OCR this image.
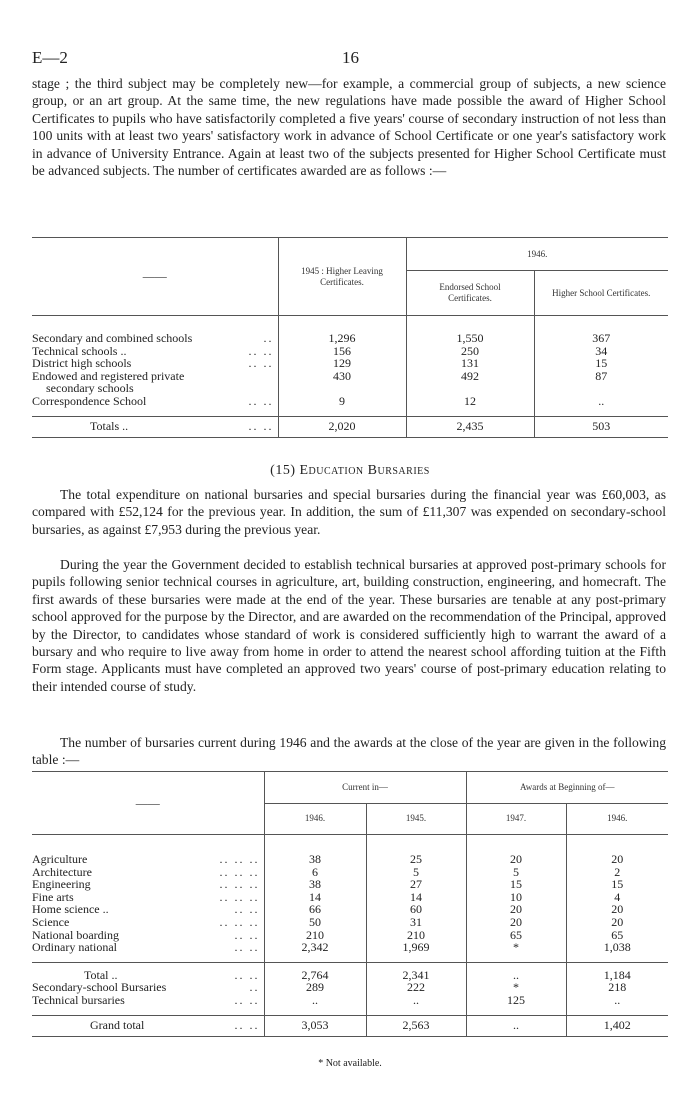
E—2	16

stage ; the third subject may be completely new—for example, a commercial group of subjects, a new science group, or an art group. At the same time, the new regulations have made possible the award of Higher School Certificates to pupils who have satisfactorily completed a five years' course of secondary instruction of not less than 100 units with at least two years' satisfactory work in advance of School Certificate or one year's satisfactory work in advance of University Entrance. Again at least two of the subjects presented for Higher School Certificate must be advanced subjects. The number of certificates awarded are as follows :—

——	1945 : Higher Leaving Certificates.	1946.	
		Endorsed School Certificates.	Higher School Certificates.

Secondary and combined schools ..	1,296	1,550	367
Technical schools .. .. ..	156	250	34
District high schools .. ..	129	131	15
Endowed and registered private	430	492	87
secondary schools			
Correspondence School .. ..	9	12	..

Totals .. .. ..	2,020	2,435	503
(15) Education Bursaries

The total expenditure on national bursaries and special bursaries during the financial year was £60,003, as compared with £52,124 for the previous year. In addition, the sum of £11,307 was expended on secondary-school bursaries, as against £7,953 during the previous year.

During the year the Government decided to establish technical bursaries at approved post-primary schools for pupils following senior technical courses in agriculture, art, building construction, engineering, and homecraft. The first awards of these bursaries were made at the end of the year. These bursaries are tenable at any post-primary school approved for the purpose by the Director, and are awarded on the recommendation of the Principal, approved by the Director, to candidates whose standard of work is considered sufficiently high to warrant the award of a bursary and who require to live away from home in order to attend the nearest school affording tuition at the Fifth Form stage. Applicants must have completed an approved two years' course of post-primary education relating to their intended course of study.

The number of bursaries current during 1946 and the awards at the close of the year are given in the following table :—

——	Current in—		Awards at Beginning of—	
	1946.	1945.	1947.	1946.

Agriculture .. .. ..	38	25	20	20
Architecture .. .. ..	6	5	5	2
Engineering .. .. ..	38	27	15	15
Fine arts .. .. ..	14	14	10	4
Home science .. .. ..	66	60	20	20
Science .. .. ..	50	31	20	20
National boarding .. ..	210	210	65	65
Ordinary national .. ..	2,342	1,969	*	1,038

Total .. .. ..	2,764	2,341	..	1,184
Secondary-school Bursaries ..	289	222	*	218
Technical bursaries .. ..	..	..	125	..

Grand total .. ..	3,053	2,563	..	1,402
* Not available.
